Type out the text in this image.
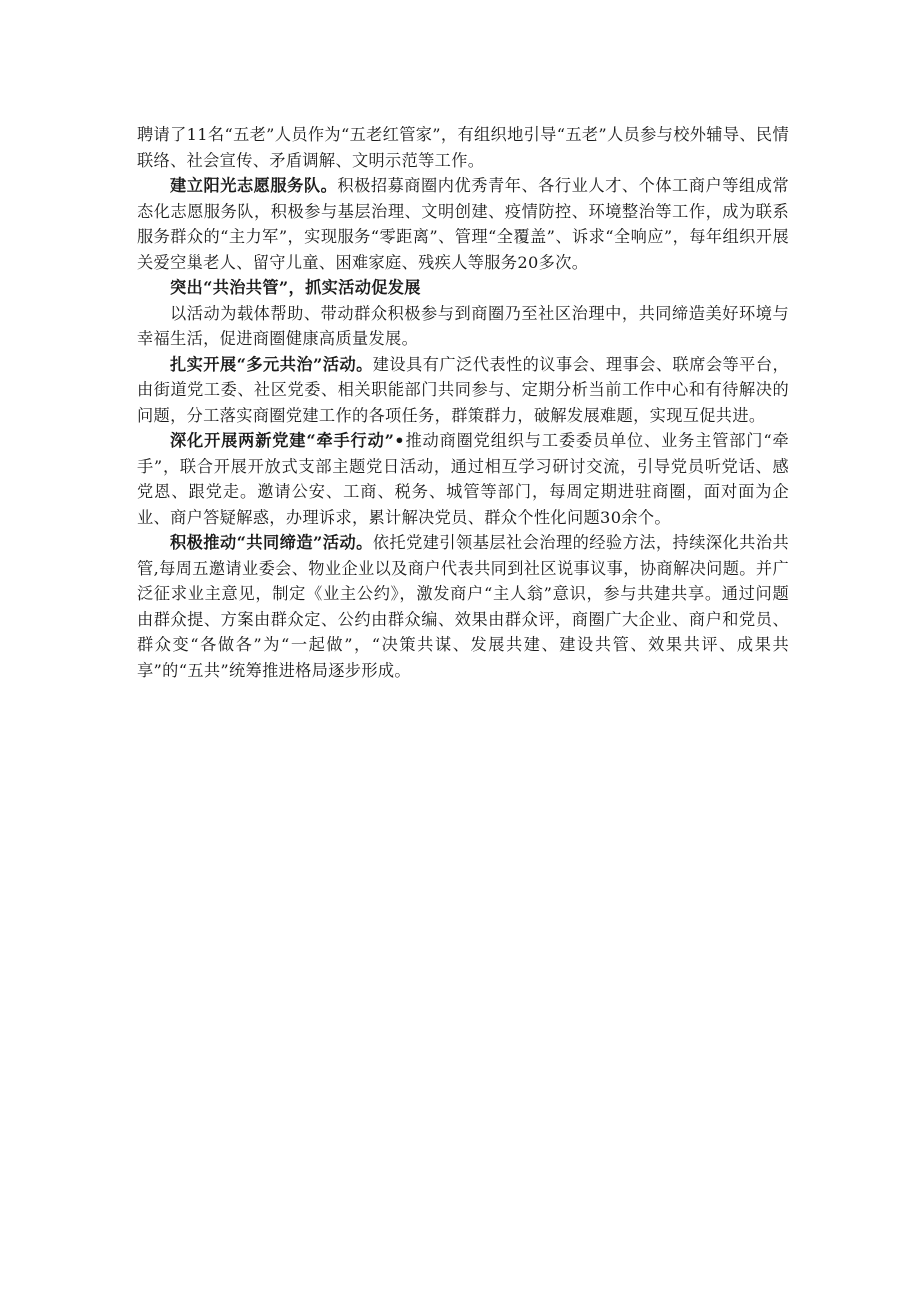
聘请了11名“五老”人员作为“五老红管家”，有组织地引导“五老”人员参与校外辅导、民情联络、社会宣传、矛盾调解、文明示范等工作。

建立阳光志愿服务队。积极招募商圈内优秀青年、各行业人才、个体工商户等组成常态化志愿服务队，积极参与基层治理、文明创建、疫情防控、环境整治等工作，成为联系服务群众的“主力军”，实现服务“零距离”、管理“全覆盖”、诉求“全响应”，每年组织开展关爱空巢老人、留守儿童、困难家庭、残疾人等服务20多次。

突出“共治共管”，抓实活动促发展

以活动为载体帮助、带动群众积极参与到商圈乃至社区治理中，共同缔造美好环境与幸福生活，促进商圈健康高质量发展。

扎实开展“多元共治”活动。建设具有广泛代表性的议事会、理事会、联席会等平台，由街道党工委、社区党委、相关职能部门共同参与、定期分析当前工作中心和有待解决的问题，分工落实商圈党建工作的各项任务，群策群力，破解发展难题，实现互促共进。

深化开展两新党建“牵手行动”•推动商圈党组织与工委委员单位、业务主管部门“牵手”，联合开展开放式支部主题党日活动，通过相互学习研讨交流，引导党员听党话、感党恩、跟党走。邀请公安、工商、税务、城管等部门，每周定期进驻商圈，面对面为企业、商户答疑解惑，办理诉求，累计解决党员、群众个性化问题30余个。

积极推动“共同缔造”活动。依托党建引领基层社会治理的经验方法，持续深化共治共管,每周五邀请业委会、物业企业以及商户代表共同到社区说事议事，协商解决问题。并广泛征求业主意见，制定《业主公约》，激发商户“主人翁”意识，参与共建共享。通过问题由群众提、方案由群众定、公约由群众编、效果由群众评，商圈广大企业、商户和党员、群众变“各做各”为“一起做”，“决策共谋、发展共建、建设共管、效果共评、成果共享”的“五共”统筹推进格局逐步形成。
